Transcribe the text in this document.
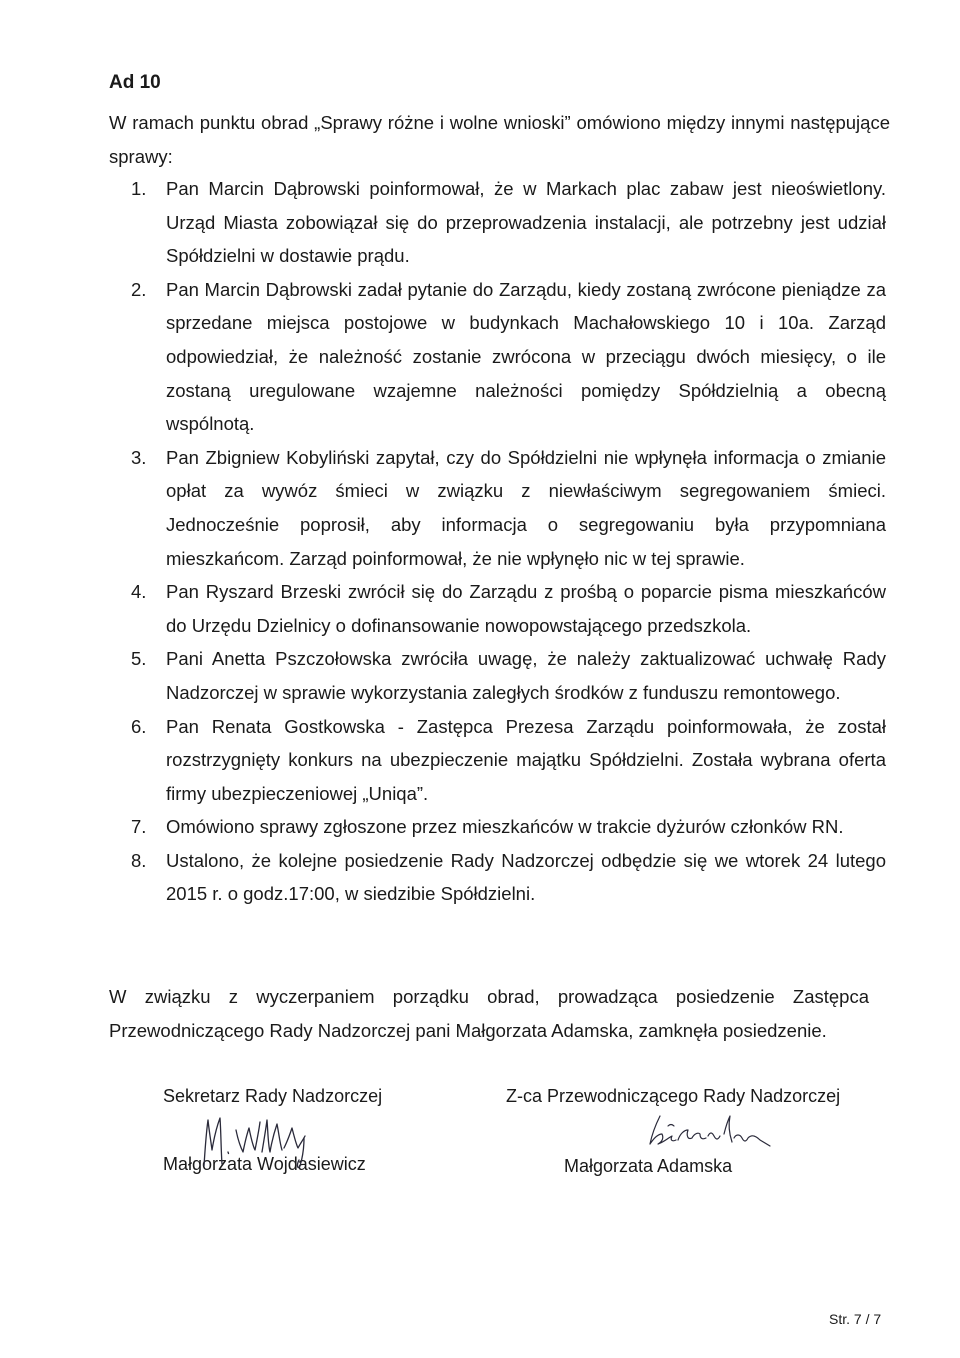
Ad 10

W ramach punktu obrad „Sprawy różne i wolne wnioski” omówiono między innymi następujące sprawy:

1. Pan Marcin Dąbrowski poinformował, że w Markach plac zabaw jest nieoświetlony. Urząd Miasta zobowiązał się do przeprowadzenia instalacji, ale potrzebny jest udział Spółdzielni w dostawie prądu.
2. Pan Marcin Dąbrowski zadał pytanie do Zarządu, kiedy zostaną zwrócone pieniądze za sprzedane miejsca postojowe w budynkach Machałowskiego 10 i 10a. Zarząd odpowiedział, że należność zostanie zwrócona w przeciągu dwóch miesięcy, o ile zostaną uregulowane wzajemne należności pomiędzy Spółdzielnią a obecną wspólnotą.
3. Pan Zbigniew Kobyliński zapytał, czy do Spółdzielni nie wpłynęła informacja o zmianie opłat za wywóz śmieci w związku z niewłaściwym segregowaniem śmieci. Jednocześnie poprosił, aby informacja o segregowaniu była przypomniana mieszkańcom. Zarząd poinformował, że nie wpłynęło nic w tej sprawie.
4. Pan Ryszard Brzeski zwrócił się do Zarządu z prośbą o poparcie pisma mieszkańców do Urzędu Dzielnicy o dofinansowanie nowopowstającego przedszkola.
5. Pani Anetta Pszczołowska zwróciła uwagę, że należy zaktualizować uchwałę Rady Nadzorczej w sprawie wykorzystania zaległych środków z funduszu remontowego.
6. Pan Renata Gostkowska - Zastępca Prezesa Zarządu poinformowała, że został rozstrzygnięty konkurs na ubezpieczenie majątku Spółdzielni. Została wybrana oferta firmy ubezpieczeniowej „Uniqa”.
7. Omówiono sprawy zgłoszone przez mieszkańców w trakcie dyżurów członków RN.
8. Ustalono, że kolejne posiedzenie Rady Nadzorczej odbędzie się we wtorek 24 lutego 2015 r. o godz.17:00, w siedzibie Spółdzielni.

W związku z wyczerpaniem porządku obrad, prowadząca posiedzenie Zastępca Przewodniczącego Rady Nadzorczej pani Małgorzata Adamska, zamknęła posiedzenie.

Sekretarz Rady Nadzorczej
Małgorzata Wojdasiewicz
Z-ca Przewodniczącego Rady Nadzorczej
Małgorzata Adamska
Str. 7 / 7
